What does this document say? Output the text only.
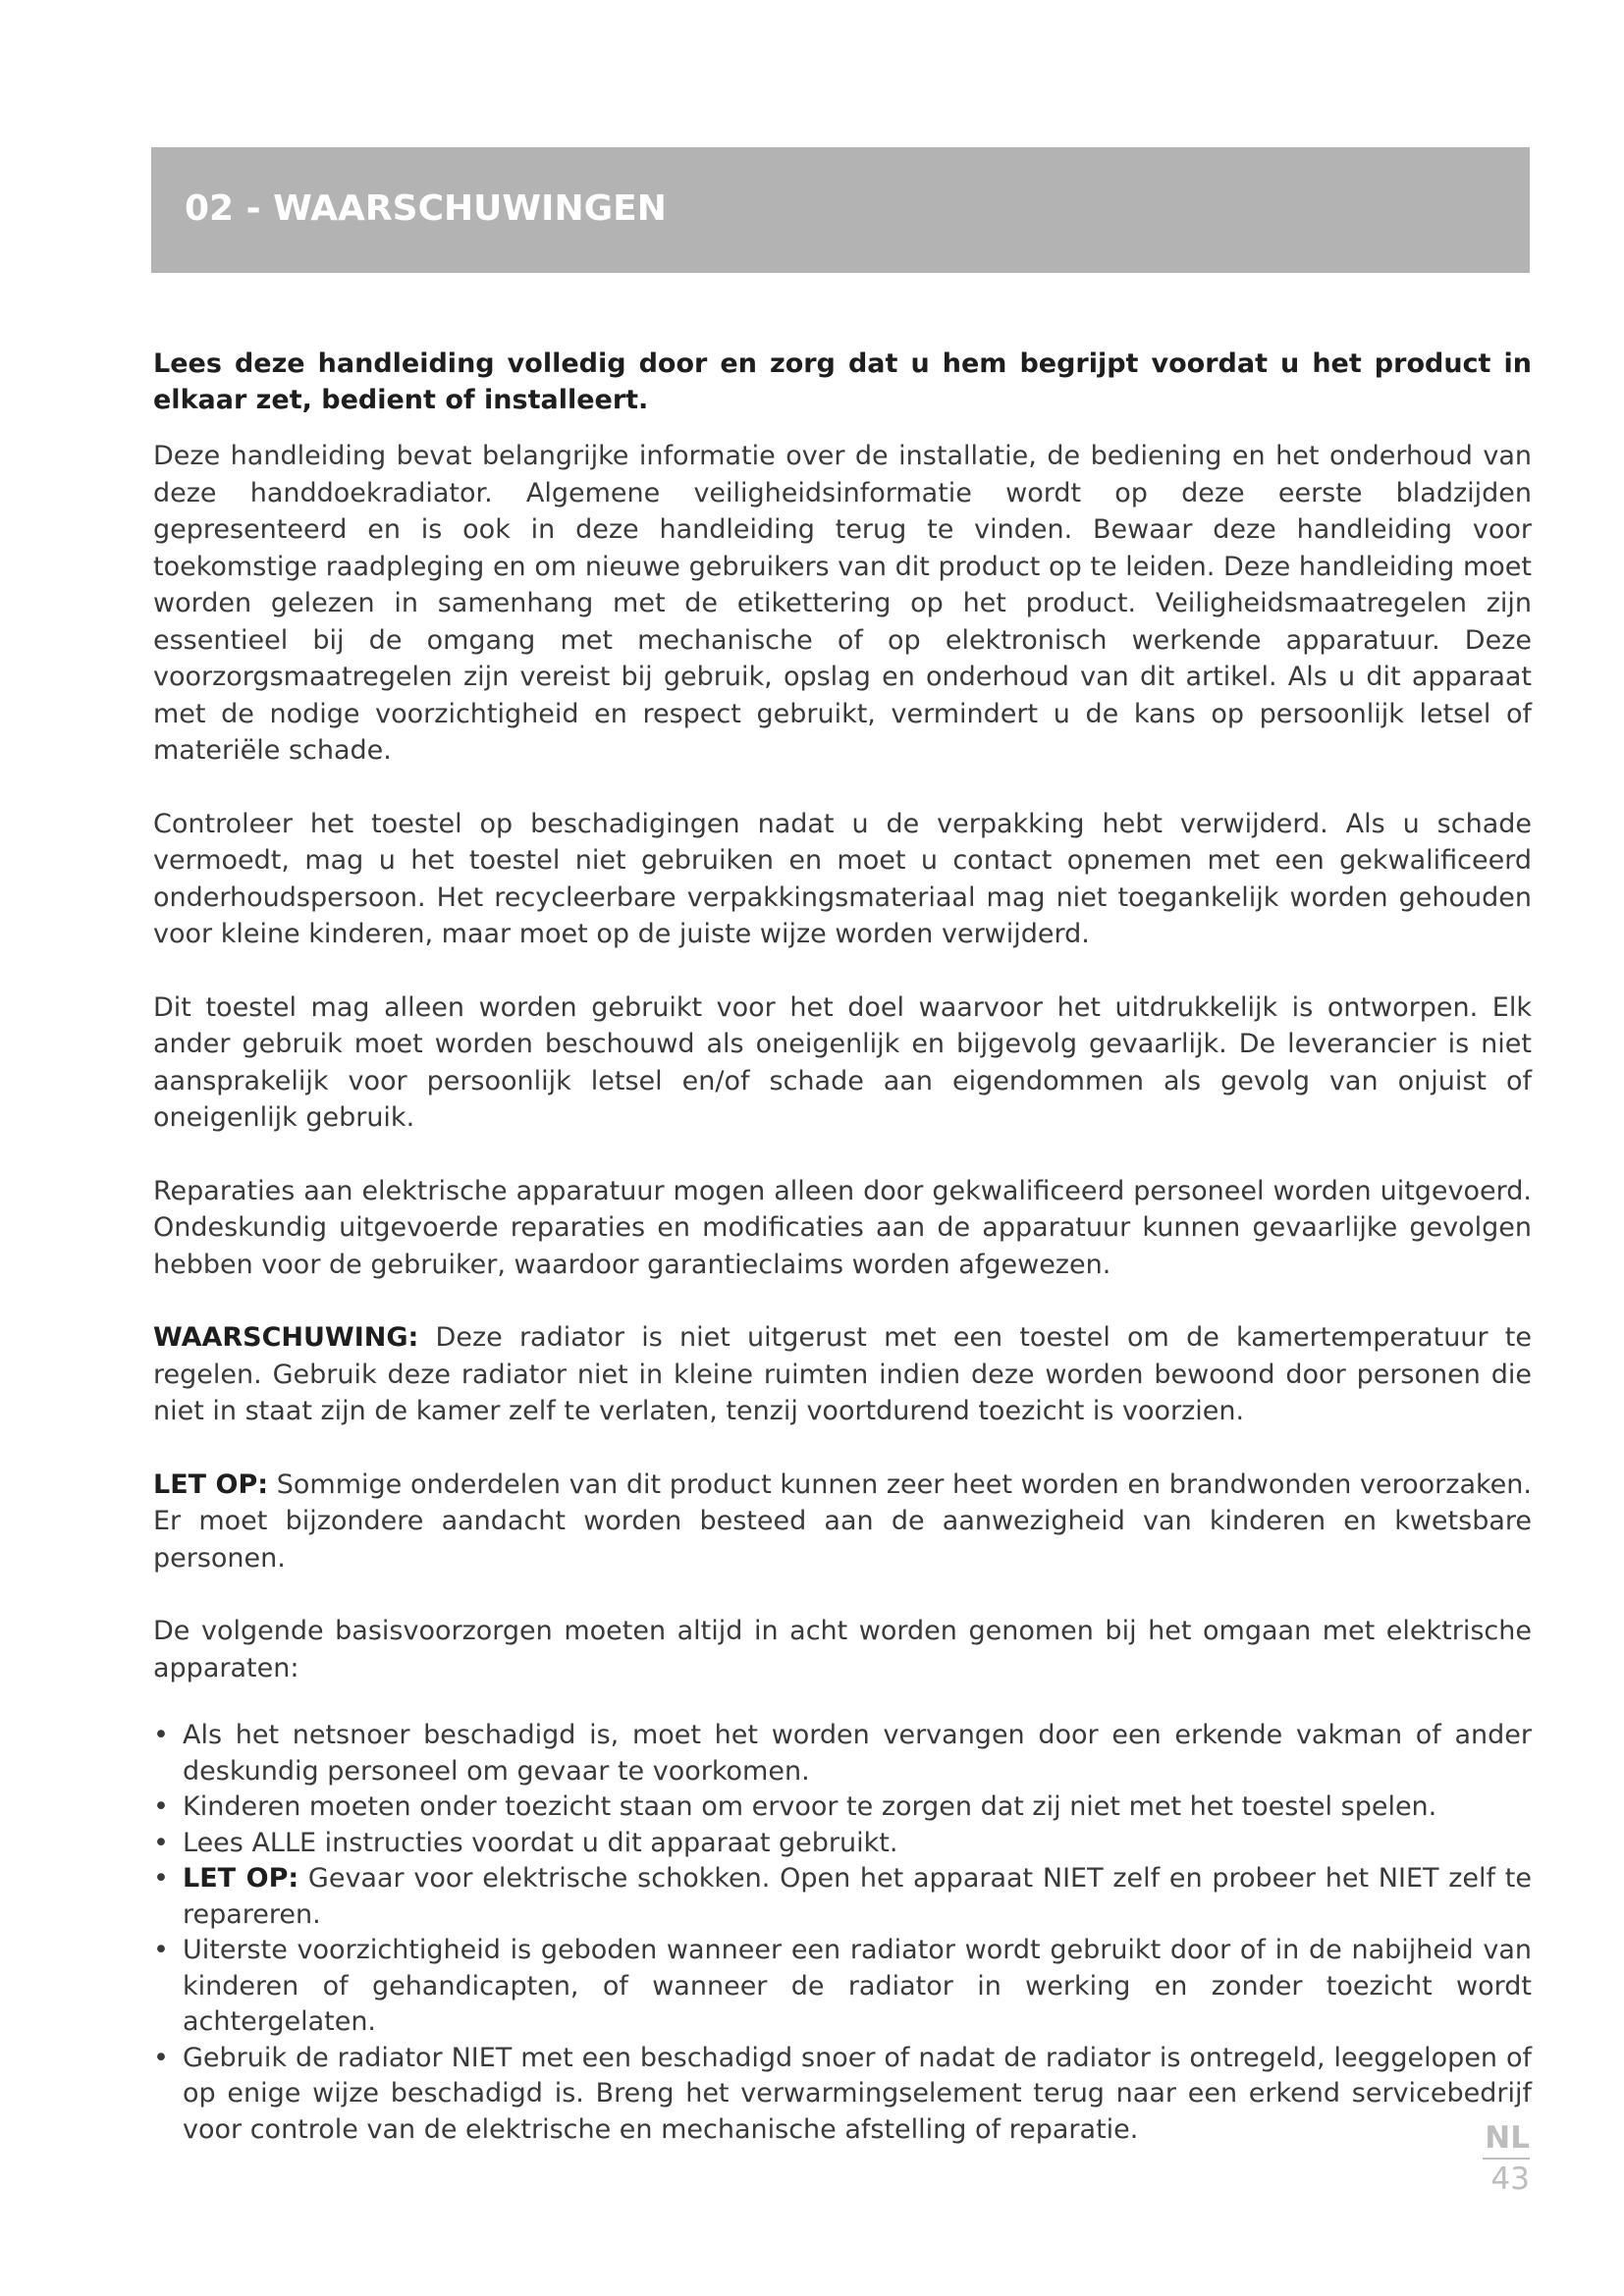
02 - WAARSCHUWINGEN

Lees deze handleiding volledig door en zorg dat u hem begrijpt voordat u het product in elkaar zet, bedient of installeert.

Deze handleiding bevat belangrijke informatie over de installatie, de bediening en het onderhoud van deze handdoekradiator. Algemene veiligheidsinformatie wordt op deze eerste bladzijden gepresenteerd en is ook in deze handleiding terug te vinden. Bewaar deze handleiding voor toekomstige raadpleging en om nieuwe gebruikers van dit product op te leiden. Deze handleiding moet worden gelezen in samenhang met de etikettering op het product. Veiligheidsmaatregelen zijn essentieel bij de omgang met mechanische of op elektronisch werkende apparatuur. Deze voorzorgsmaatregelen zijn vereist bij gebruik, opslag en onderhoud van dit artikel. Als u dit apparaat met de nodige voorzichtigheid en respect gebruikt, vermindert u de kans op persoonlijk letsel of materiële schade.

Controleer het toestel op beschadigingen nadat u de verpakking hebt verwijderd. Als u schade vermoedt, mag u het toestel niet gebruiken en moet u contact opnemen met een gekwalificeerd onderhoudspersoon. Het recycleerbare verpakkingsmateriaal mag niet toegankelijk worden gehouden voor kleine kinderen, maar moet op de juiste wijze worden verwijderd.

Dit toestel mag alleen worden gebruikt voor het doel waarvoor het uitdrukkelijk is ontworpen. Elk ander gebruik moet worden beschouwd als oneigenlijk en bijgevolg gevaarlijk. De leverancier is niet aansprakelijk voor persoonlijk letsel en/of schade aan eigendommen als gevolg van onjuist of oneigenlijk gebruik.

Reparaties aan elektrische apparatuur mogen alleen door gekwalificeerd personeel worden uitgevoerd. Ondeskundig uitgevoerde reparaties en modificaties aan de apparatuur kunnen gevaarlijke gevolgen hebben voor de gebruiker, waardoor garantieclaims worden afgewezen.

WAARSCHUWING: Deze radiator is niet uitgerust met een toestel om de kamertemperatuur te regelen. Gebruik deze radiator niet in kleine ruimten indien deze worden bewoond door personen die niet in staat zijn de kamer zelf te verlaten, tenzij voortdurend toezicht is voorzien.

LET OP: Sommige onderdelen van dit product kunnen zeer heet worden en brandwonden veroorzaken. Er moet bijzondere aandacht worden besteed aan de aanwezigheid van kinderen en kwetsbare personen.

De volgende basisvoorzorgen moeten altijd in acht worden genomen bij het omgaan met elektrische apparaten:

• Als het netsnoer beschadigd is, moet het worden vervangen door een erkende vakman of ander deskundig personeel om gevaar te voorkomen.
• Kinderen moeten onder toezicht staan om ervoor te zorgen dat zij niet met het toestel spelen.
• Lees ALLE instructies voordat u dit apparaat gebruikt.
• LET OP: Gevaar voor elektrische schokken. Open het apparaat NIET zelf en probeer het NIET zelf te repareren.
• Uiterste voorzichtigheid is geboden wanneer een radiator wordt gebruikt door of in de nabijheid van kinderen of gehandicapten, of wanneer de radiator in werking en zonder toezicht wordt achtergelaten.
• Gebruik de radiator NIET met een beschadigd snoer of nadat de radiator is ontregeld, leeggelopen of op enige wijze beschadigd is. Breng het verwarmingselement terug naar een erkend servicebedrijf voor controle van de elektrische en mechanische afstelling of reparatie.	NL
43
